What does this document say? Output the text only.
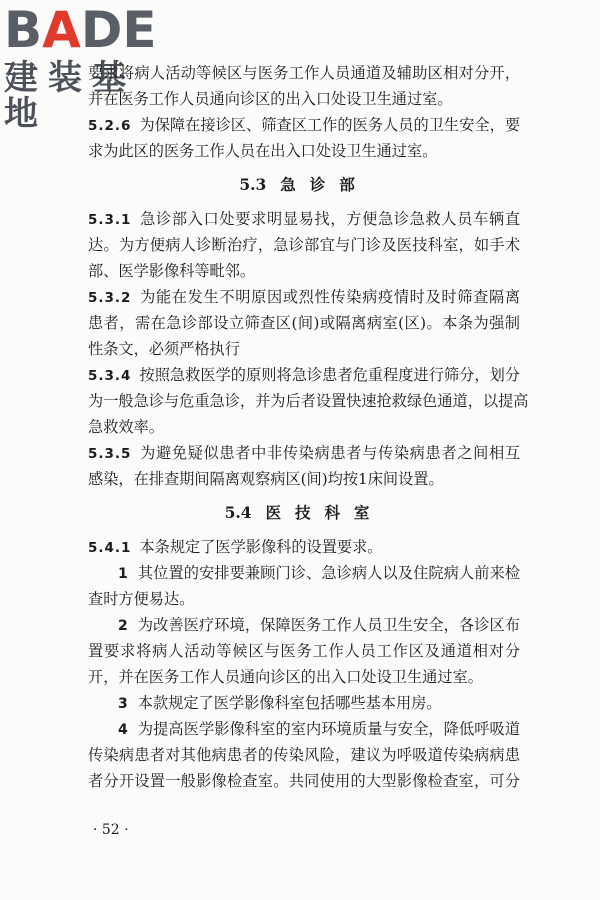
BADE
建装基地
要求将病人活动等候区与医务工作人员通道及辅助区相对分开，
并在医务工作人员通向诊区的出入口处设卫生通过室。
5.2.6 为保障在接诊区、筛查区工作的医务人员的卫生安全，要
求为此区的医务工作人员在出入口处设卫生通过室。
5.3 急诊部
5.3.1 急诊部入口处要求明显易找，方便急诊急救人员车辆直
达。为方便病人诊断治疗，急诊部宜与门诊及医技科室，如手术
部、医学影像科等毗邻。
5.3.2 为能在发生不明原因或烈性传染病疫情时及时筛查隔离
患者，需在急诊部设立筛查区(间)或隔离病室(区)。本条为强制
性条文，必须严格执行
5.3.4 按照急救医学的原则将急诊患者危重程度进行筛分，划分
为一般急诊与危重急诊，并为后者设置快速抢救绿色通道，以提高
急救效率。
5.3.5 为避免疑似患者中非传染病患者与传染病患者之间相互
感染，在排查期间隔离观察病区(间)均按1床间设置。
5.4 医技科室
5.4.1 本条规定了医学影像科的设置要求。
1 其位置的安排要兼顾门诊、急诊病人以及住院病人前来检
查时方便易达。
2 为改善医疗环境，保障医务工作人员卫生安全，各诊区布
置要求将病人活动等候区与医务工作人员工作区及通道相对分
开，并在医务工作人员通向诊区的出入口处设卫生通过室。
3 本款规定了医学影像科室包括哪些基本用房。
4 为提高医学影像科室的室内环境质量与安全，降低呼吸道
传染病患者对其他病患者的传染风险，建议为呼吸道传染病病患
者分开设置一般影像检查室。共同使用的大型影像检查室，可分
· 52 ·
